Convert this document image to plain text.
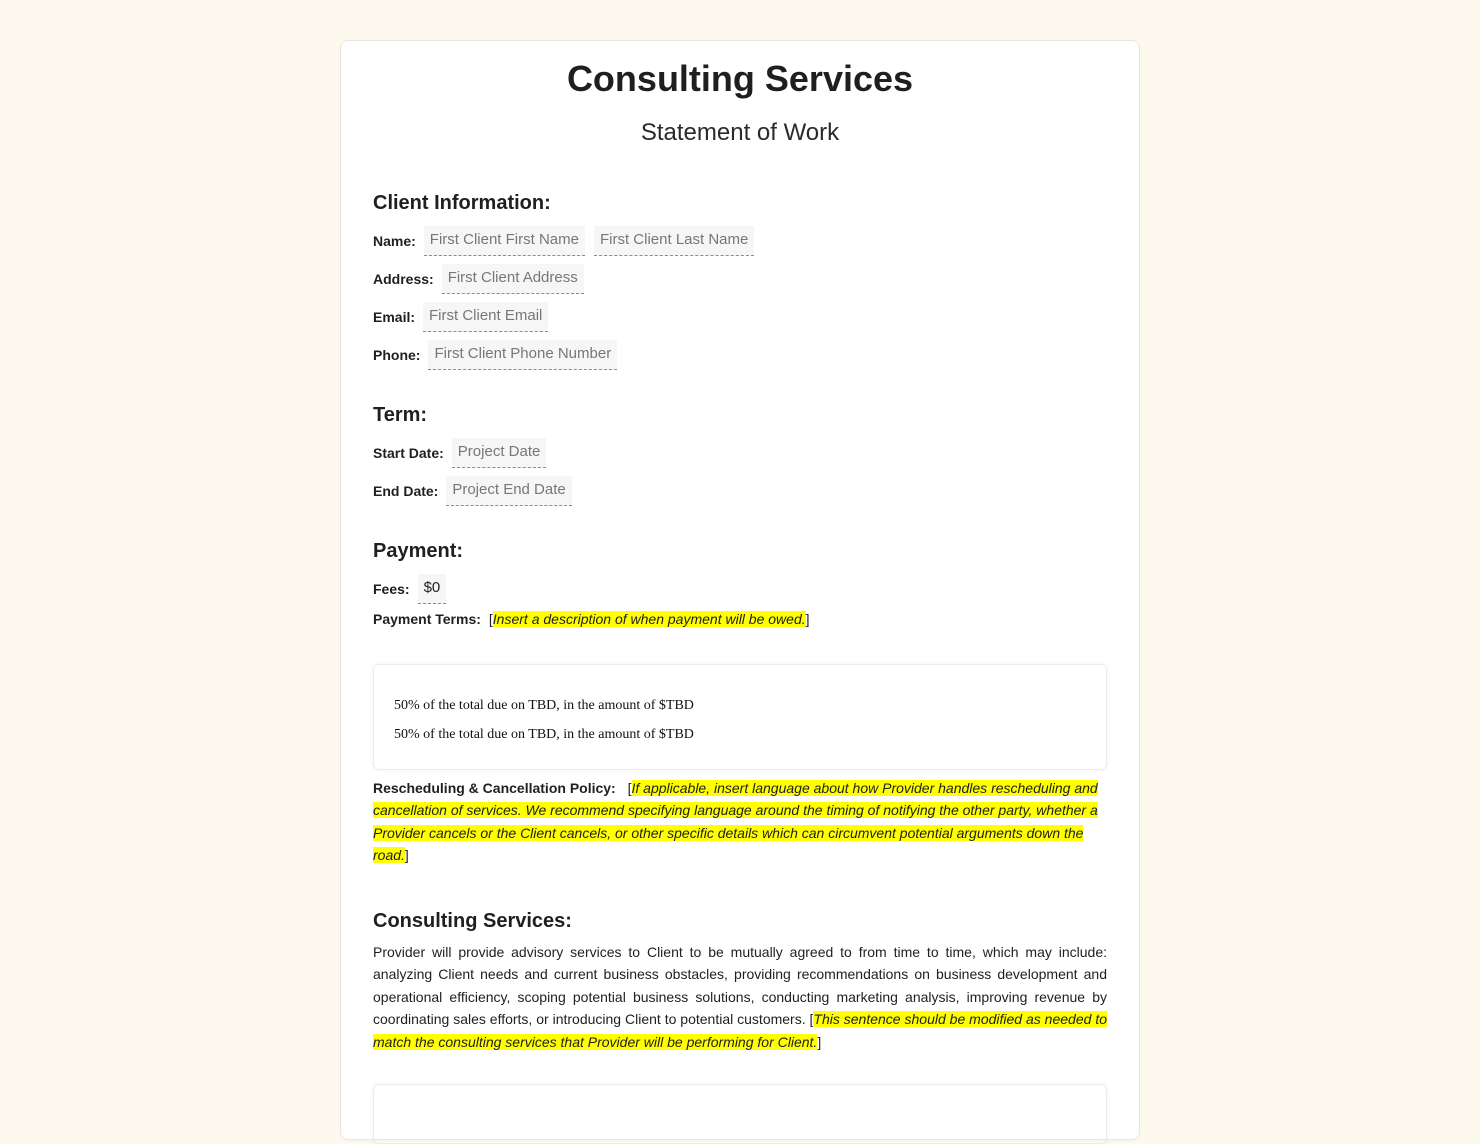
Consulting Services
Statement of Work
Client Information:
Name: First Client First Name	First Client Last Name
Address: First Client Address
Email: First Client Email
Phone: First Client Phone Number
Term:
Start Date: Project Date
End Date: Project End Date
Payment:
Fees: $0
Payment Terms: [Insert a description of when payment will be owed.]

50% of the total due on TBD, in the amount of $TBD

50% of the total due on TBD, in the amount of $TBD

Rescheduling & Cancellation Policy: [If applicable, insert language about how Provider handles rescheduling and cancellation of services. We recommend specifying language around the timing of notifying the other party, whether a Provider cancels or the Client cancels, or other specific details which can circumvent potential arguments down the road.]
Consulting Services:
Provider will provide advisory services to Client to be mutually agreed to from time to time, which may include: analyzing Client needs and current business obstacles, providing recommendations on business development and operational efficiency, scoping potential business solutions, conducting marketing analysis, improving revenue by coordinating sales efforts, or introducing Client to potential customers. [This sentence should be modified as needed to match the consulting services that Provider will be performing for Client.]
